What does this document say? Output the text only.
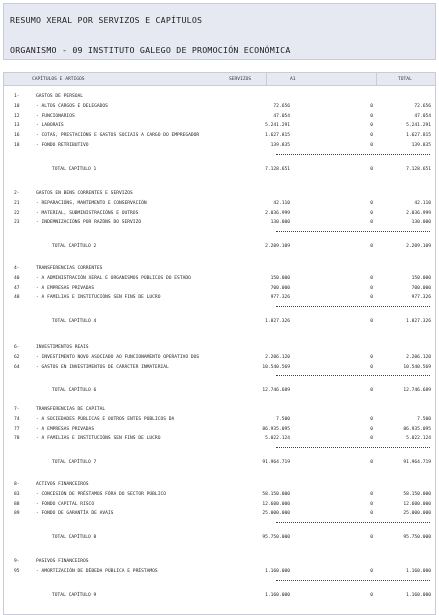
RESUMO XERAL POR SERVIZOS E CAPÍTULOS
ORGANISMO - 09 INSTITUTO GALEGO DE PROMOCIÓN ECONÓMICA
CAPÍTULOS E ARTIGOS	SERVIZOS	A1	TOTAL
1-	GASTOS DE PERSOAL
10	- ALTOS CARGOS E DELEGADOS	72.656	0	72.656
12	- FUNCIONARIOS	47.054	0	47.054
13	- LABORAIS	5.241.291	0	5.241.291
16	- COTAS, PRESTACIÓNS E GASTOS SOCIAIS A CARGO DO EMPREGADOR	1.627.815	0	1.627.815
18	- FONDO RETRIBUTIVO	139.835	0	139.835
TOTAL CAPÍTULO 1	7.128.651	0	7.128.651
2-	GASTOS EN BENS CORRENTES E SERVIZOS
21	- REPARACIÓNS, MANTEMENTO E CONSERVACIÓN	42.110	0	42.110
22	- MATERIAL, SUBMINISTRACIÓNS E OUTROS	2.036.999	0	2.036.999
23	- INDEMNIZACIÓNS POR RAZÓNS DO SERVIZO	130.000	0	130.000
TOTAL CAPÍTULO 2	2.209.109	0	2.209.109
4-	TRANSFERENCIAS CORRENTES
40	- A ADMINISTRACIÓN XERAL E ORGANISMOS PÚBLICOS DO ESTADO	150.000	0	150.000
47	- A EMPRESAS PRIVADAS	700.000	0	700.000
48	- A FAMILIAS E INSTITUCIÓNS SEN FINS DE LUCRO	977.326	0	977.326
TOTAL CAPÍTULO 4	1.827.326	0	1.827.326
6-	INVESTIMENTOS REAIS
62	- INVESTIMENTO NOVO ASOCIADO AO FUNCIONAMENTO OPERATIVO DOS	2.206.120	0	2.206.120
64	- GASTOS EN INVESTIMENTOS DE CARÁCTER INMATERIAL	10.540.569	0	10.540.569
TOTAL CAPÍTULO 6	12.746.689	0	12.746.689
7-	TRANSFERENCIAS DE CAPITAL
74	- A SOCIEDADES PÚBLICAS E OUTROS ENTES PÚBLICOS DA	7.500	0	7.500
77	- A EMPRESAS PRIVADAS	86.935.095	0	86.935.095
78	- A FAMILIAS E INSTITUCIÓNS SEN FINS DE LUCRO	5.022.124	0	5.022.124
TOTAL CAPÍTULO 7	91.964.719	0	91.964.719
8-	ACTIVOS FINANCEIROS
83	- CONCESIÓN DE PRÉSTAMOS FÓRA DO SECTOR PÚBLICO	58.150.000	0	58.150.000
88	- FONDO CAPITAL RISCO	12.600.000	0	12.600.000
89	- FONDO DE GARANTÍA DE AVAIS	25.000.000	0	25.000.000
TOTAL CAPÍTULO 8	95.750.000	0	95.750.000
9-	PASIVOS FINANCEIROS
95	- AMORTIZACIÓN DE DÉBEDA PÚBLICA E PRÉSTAMOS	1.160.000	0	1.160.000
TOTAL CAPÍTULO 9	1.160.000	0	1.160.000
